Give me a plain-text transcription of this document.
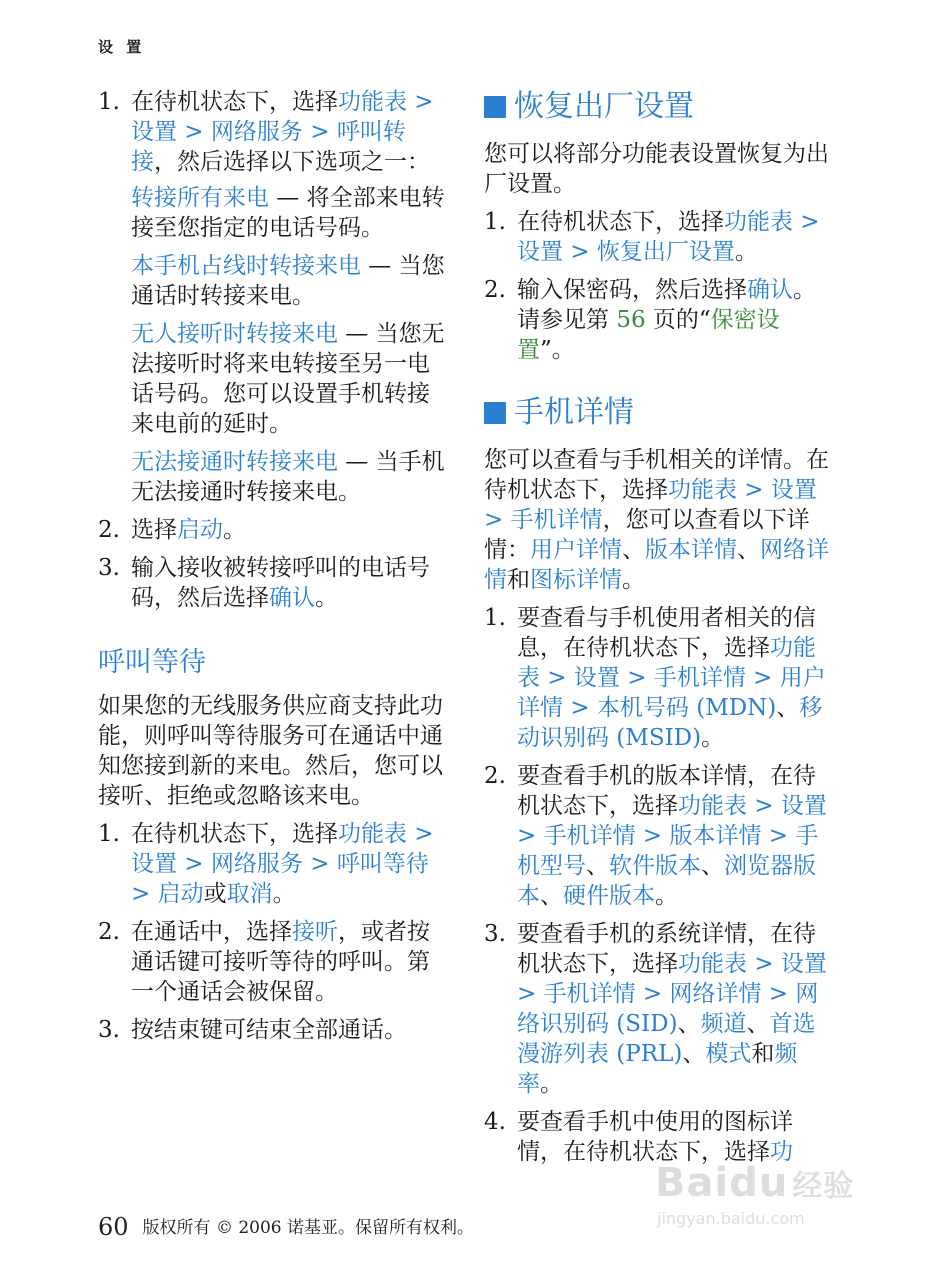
设 置
1. 在待机状态下，选择功能表 > 设置 > 网络服务 > 呼叫转接，然后选择以下选项之一：

转接所有来电 — 将全部来电转接至您指定的电话号码。

本手机占线时转接来电 — 当您通话时转接来电。

无人接听时转接来电 — 当您无法接听时将来电转接至另一电话号码。您可以设置手机转接来电前的延时。

无法接通时转接来电 — 当手机无法接通时转接来电。

2. 选择启动。
3. 输入接收被转接呼叫的电话号码，然后选择确认。
呼叫等待

如果您的无线服务供应商支持此功能，则呼叫等待服务可在通话中通知您接到新的来电。然后，您可以接听、拒绝或忽略该来电。

1. 在待机状态下，选择功能表 > 设置 > 网络服务 > 呼叫等待 > 启动或取消。
2. 在通话中，选择接听，或者按通话键可接听等待的呼叫。第一个通话会被保留。
3. 按结束键可结束全部通话。
恢复出厂设置

您可以将部分功能表设置恢复为出厂设置。

1. 在待机状态下，选择功能表 > 设置 > 恢复出厂设置。
2. 输入保密码，然后选择确认。请参见第 56 页的“保密设置”。
手机详情

您可以查看与手机相关的详情。在待机状态下，选择功能表 > 设置 > 手机详情，您可以查看以下详情：用户详情、版本详情、网络详情和图标详情。

1. 要查看与手机使用者相关的信息，在待机状态下，选择功能表 > 设置 > 手机详情 > 用户详情 > 本机号码 (MDN)、移动识别码 (MSID)。
2. 要查看手机的版本详情，在待机状态下，选择功能表 > 设置 > 手机详情 > 版本详情 > 手机型号、软件版本、浏览器版本、硬件版本。
3. 要查看手机的系统详情，在待机状态下，选择功能表 > 设置 > 手机详情 > 网络详情 > 网络识别码 (SID)、频道、首选漫游列表 (PRL)、模式和频率。
4. 要查看手机中使用的图标详情，在待机状态下，选择功
60 版权所有 © 2006 诺基亚。保留所有权利。
Baidu 经验
jingyan.baidu.com
